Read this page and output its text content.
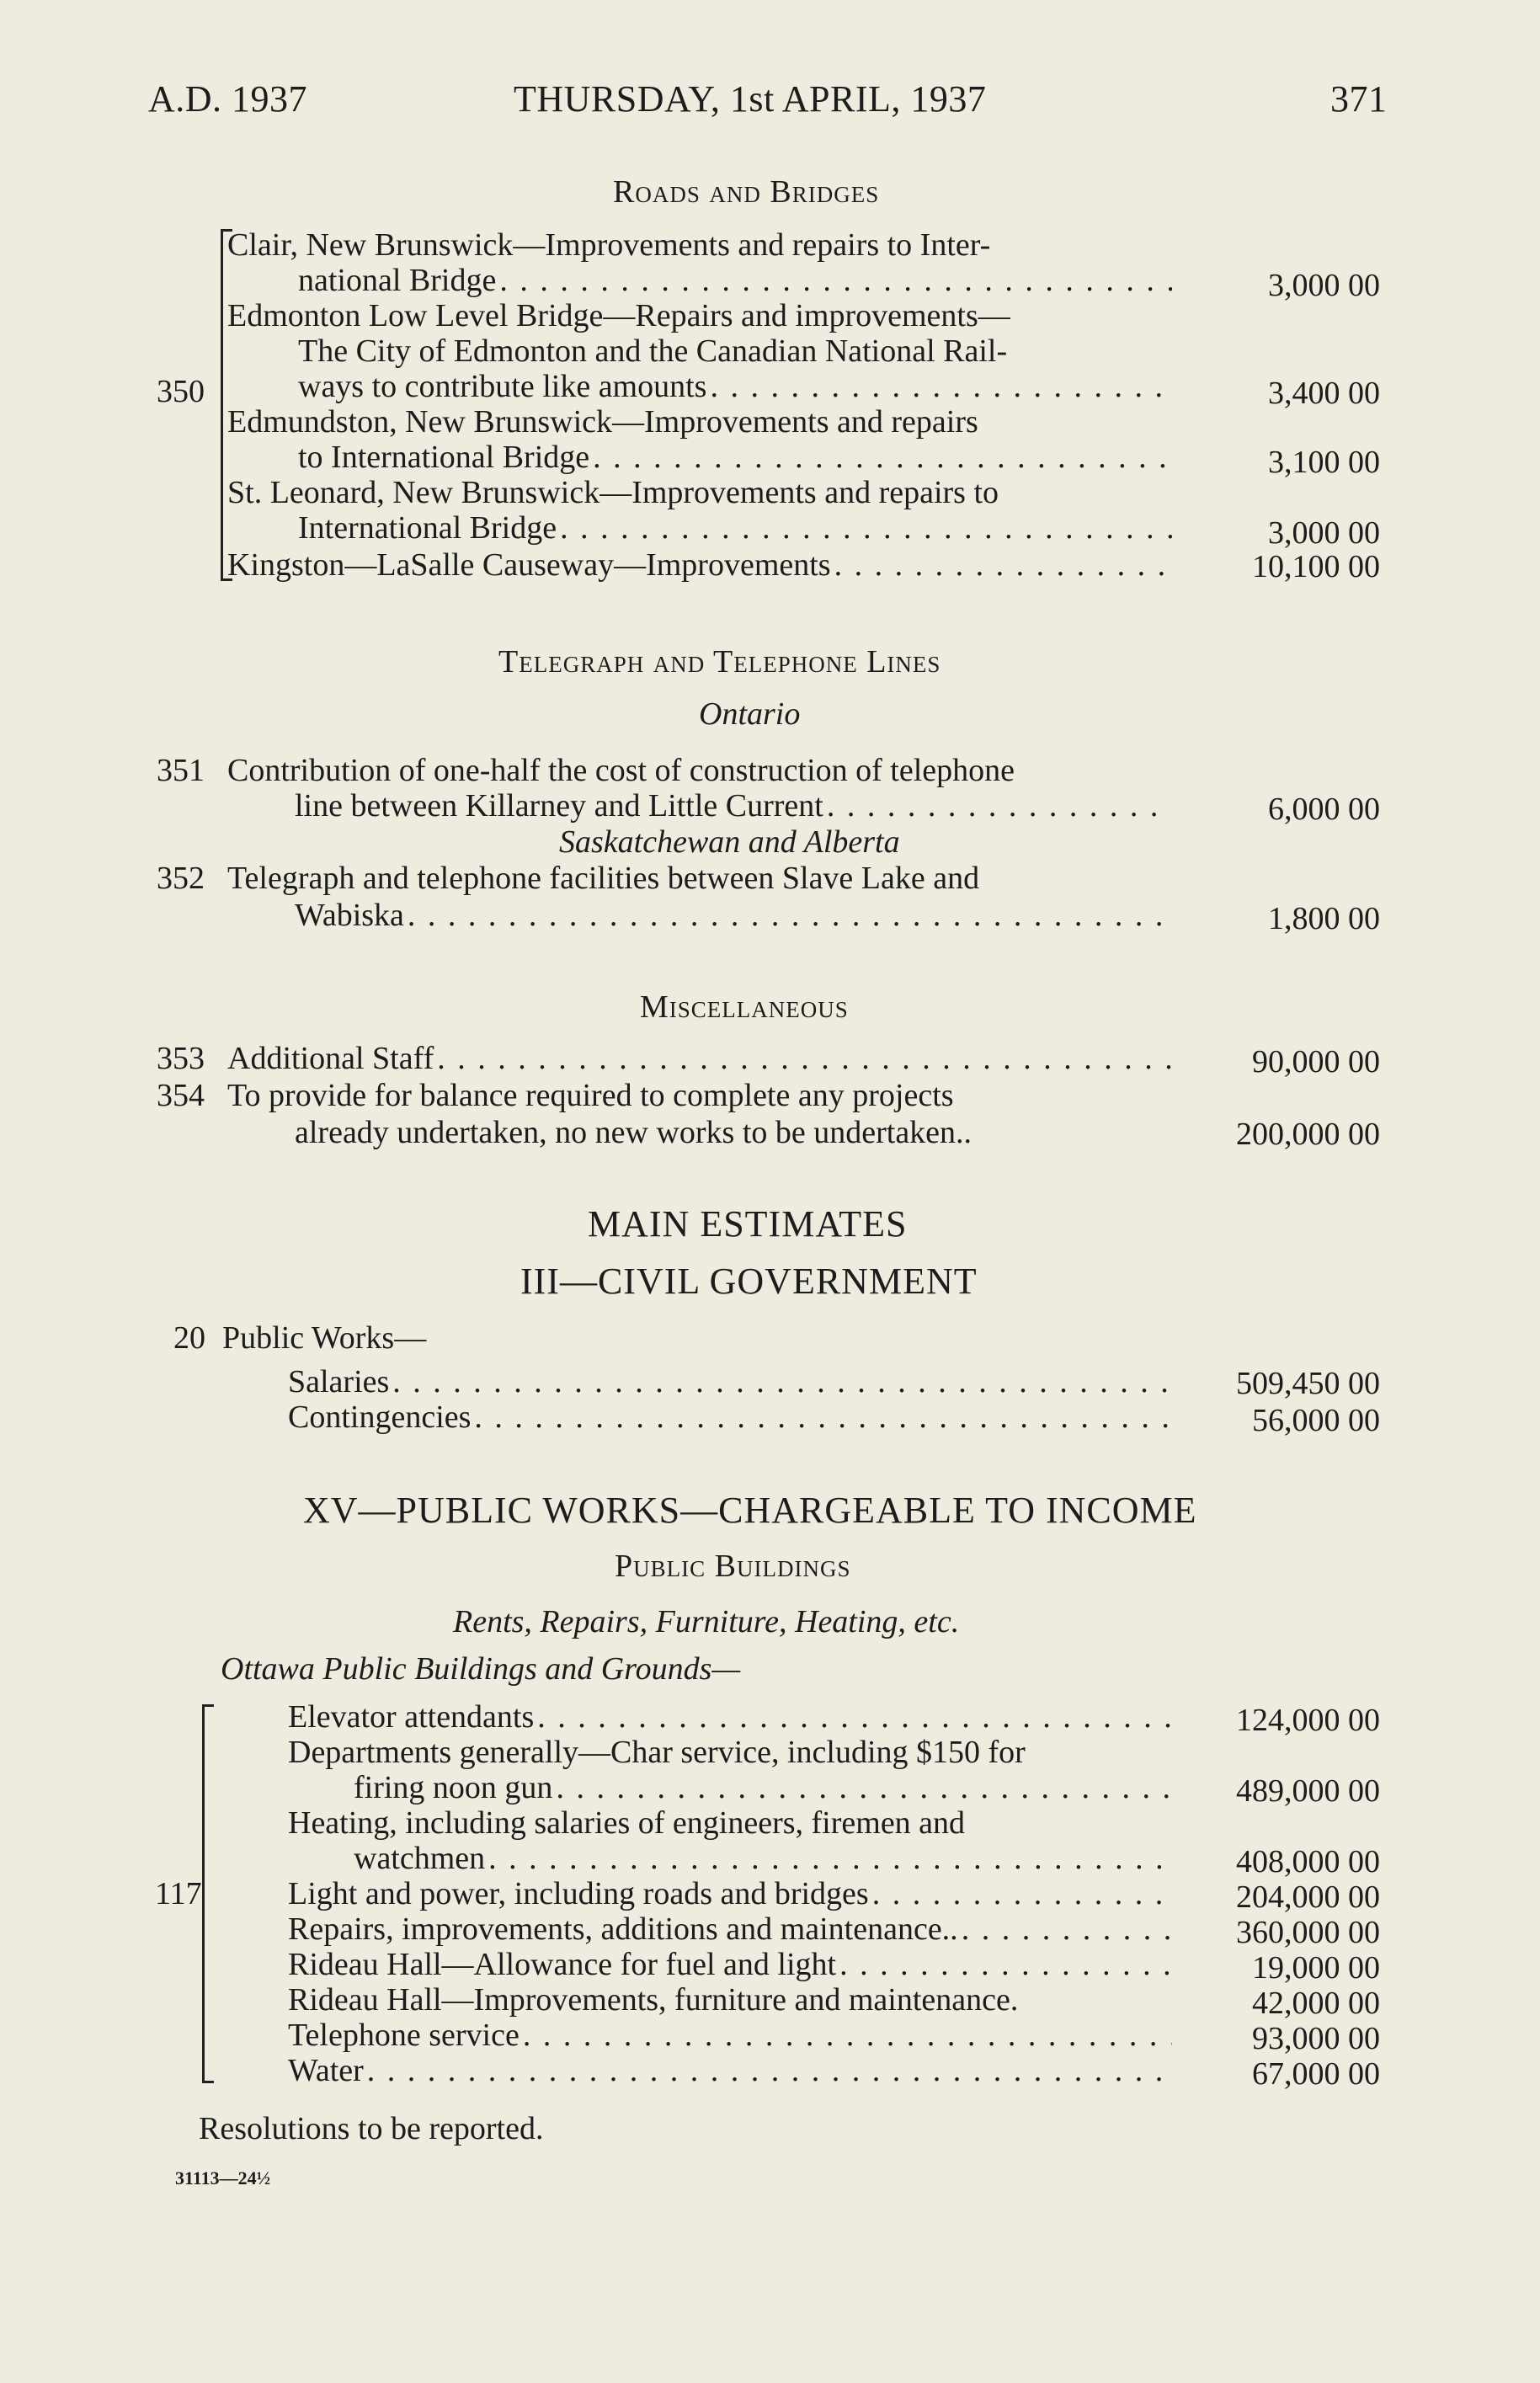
A.D. 1937	THURSDAY, 1st APRIL, 1937	371
Roads and Bridges
350
Clair, New Brunswick—Improvements and repairs to Inter-
national Bridge . . .	3,000 00
Edmonton Low Level Bridge—Repairs and improvements—
The City of Edmonton and the Canadian National Rail-
ways to contribute like amounts . . .	3,400 00
Edmundston, New Brunswick—Improvements and repairs
to International Bridge . . .	3,100 00
St. Leonard, New Brunswick—Improvements and repairs to
International Bridge . . .	3,000 00
Kingston—LaSalle Causeway—Improvements . . .	10,100 00
Telegraph and Telephone Lines
Ontario
351 Contribution of one-half the cost of construction of telephone
line between Killarney and Little Current . . .	6,000 00
Saskatchewan and Alberta
352 Telegraph and telephone facilities between Slave Lake and
Wabiska . . .	1,800 00
Miscellaneous
353 Additional Staff . . .	90,000 00
354 To provide for balance required to complete any projects
already undertaken, no new works to be undertaken..	200,000 00
MAIN ESTIMATES
III—CIVIL GOVERNMENT
20 Public Works—
Salaries . . .	509,450 00
Contingencies . . .	56,000 00
XV—PUBLIC WORKS—CHARGEABLE TO INCOME
Public Buildings
Rents, Repairs, Furniture, Heating, etc.
Ottawa Public Buildings and Grounds—
117
Elevator attendants . . .	124,000 00
Departments generally—Char service, including $150 for
firing noon gun . . .	489,000 00
Heating, including salaries of engineers, firemen and
watchmen . . .	408,000 00
Light and power, including roads and bridges . . .	204,000 00
Repairs, improvements, additions and maintenance.. . . .	360,000 00
Rideau Hall—Allowance for fuel and light . . .	19,000 00
Rideau Hall—Improvements, furniture and maintenance.	42,000 00
Telephone service . . .	93,000 00
Water . . .	67,000 00
Resolutions to be reported.
31113—24½
